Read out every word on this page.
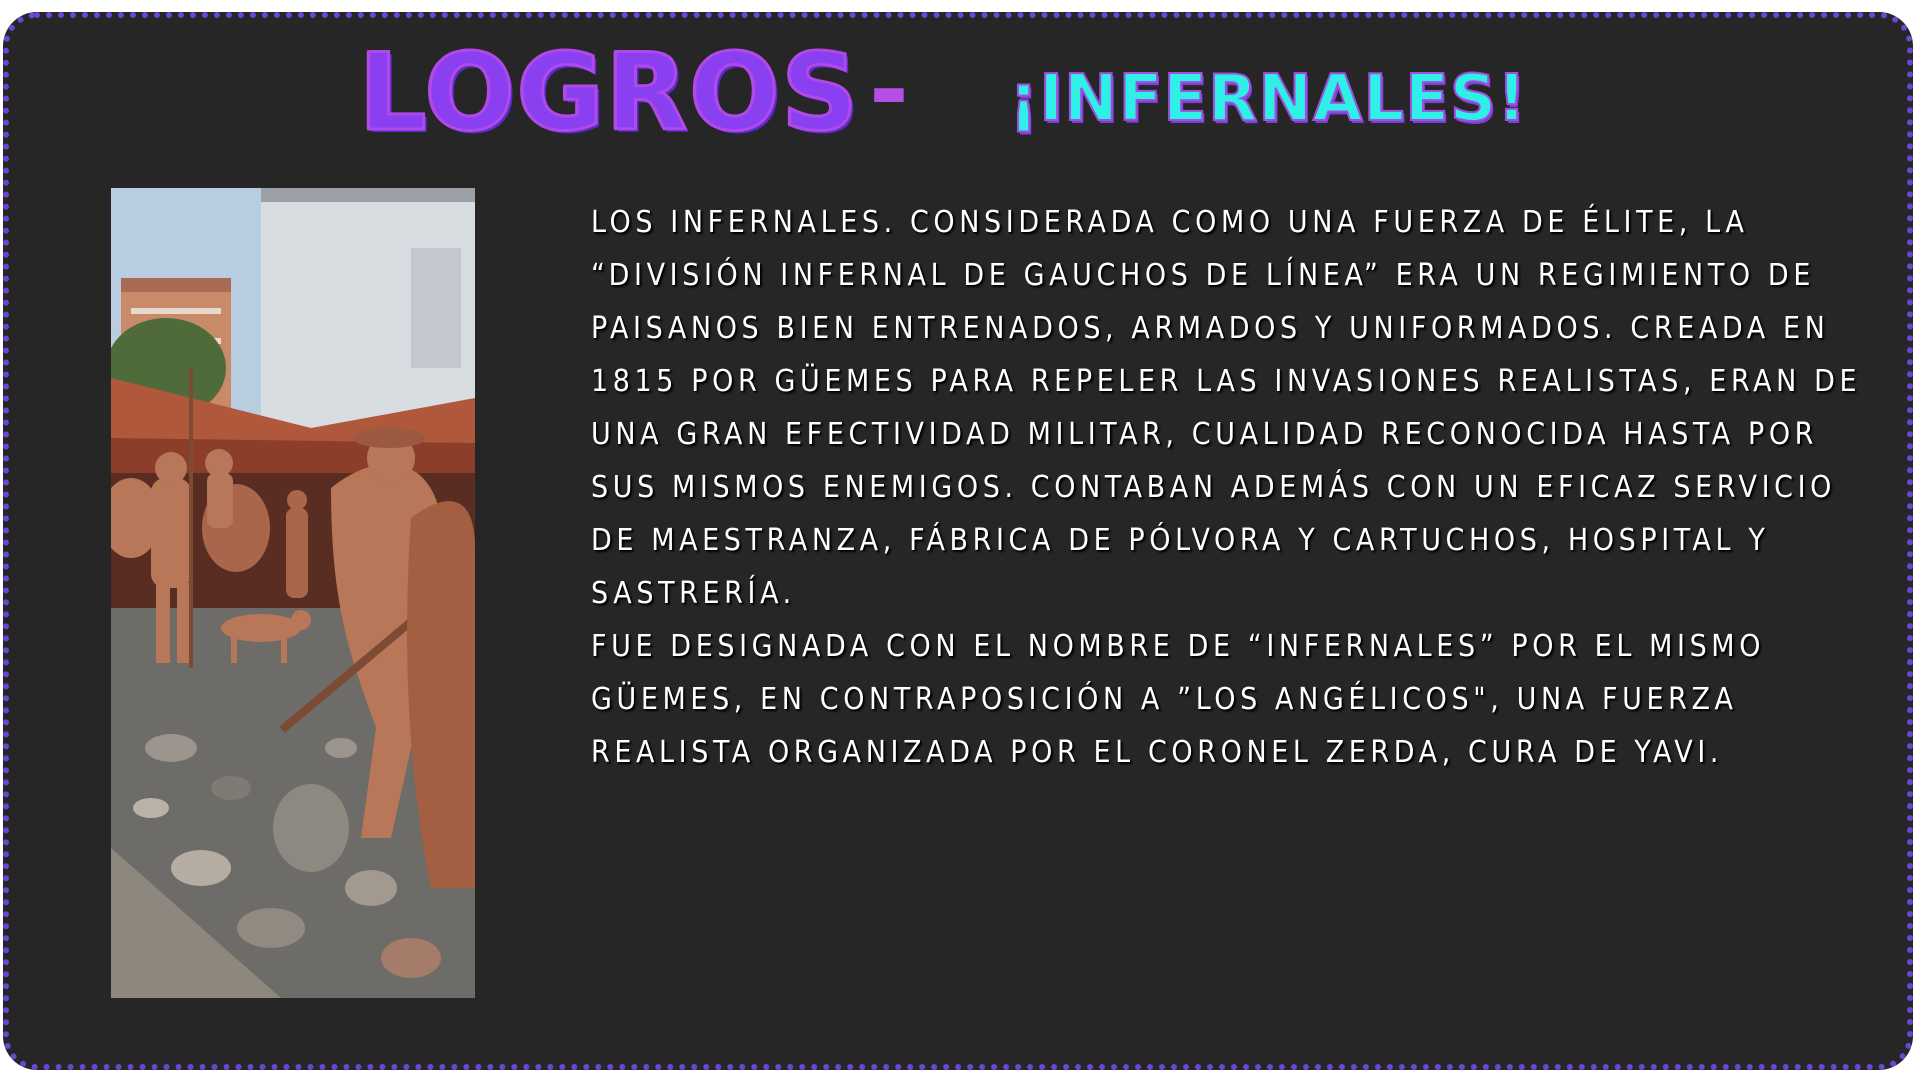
LOGROS - ¡INFERNALES!

LOS INFERNALES. CONSIDERADA COMO UNA FUERZA DE ÉLITE, LA “DIVISIÓN INFERNAL DE GAUCHOS DE LÍNEA” ERA UN REGIMIENTO DE PAISANOS BIEN ENTRENADOS, ARMADOS Y UNIFORMADOS. CREADA EN 1815 POR GÜEMES PARA REPELER LAS INVASIONES REALISTAS, ERAN DE UNA GRAN EFECTIVIDAD MILITAR, CUALIDAD RECONOCIDA HASTA POR SUS MISMOS ENEMIGOS. CONTABAN ADEMÁS CON UN EFICAZ SERVICIO DE MAESTRANZA, FÁBRICA DE PÓLVORA Y CARTUCHOS, HOSPITAL Y SASTRERÍA.

FUE DESIGNADA CON EL NOMBRE DE “INFERNALES” POR EL MISMO GÜEMES, EN CONTRAPOSICIÓN A ”LOS ANGÉLICOS", UNA FUERZA REALISTA ORGANIZADA POR EL CORONEL ZERDA, CURA DE YAVI.
